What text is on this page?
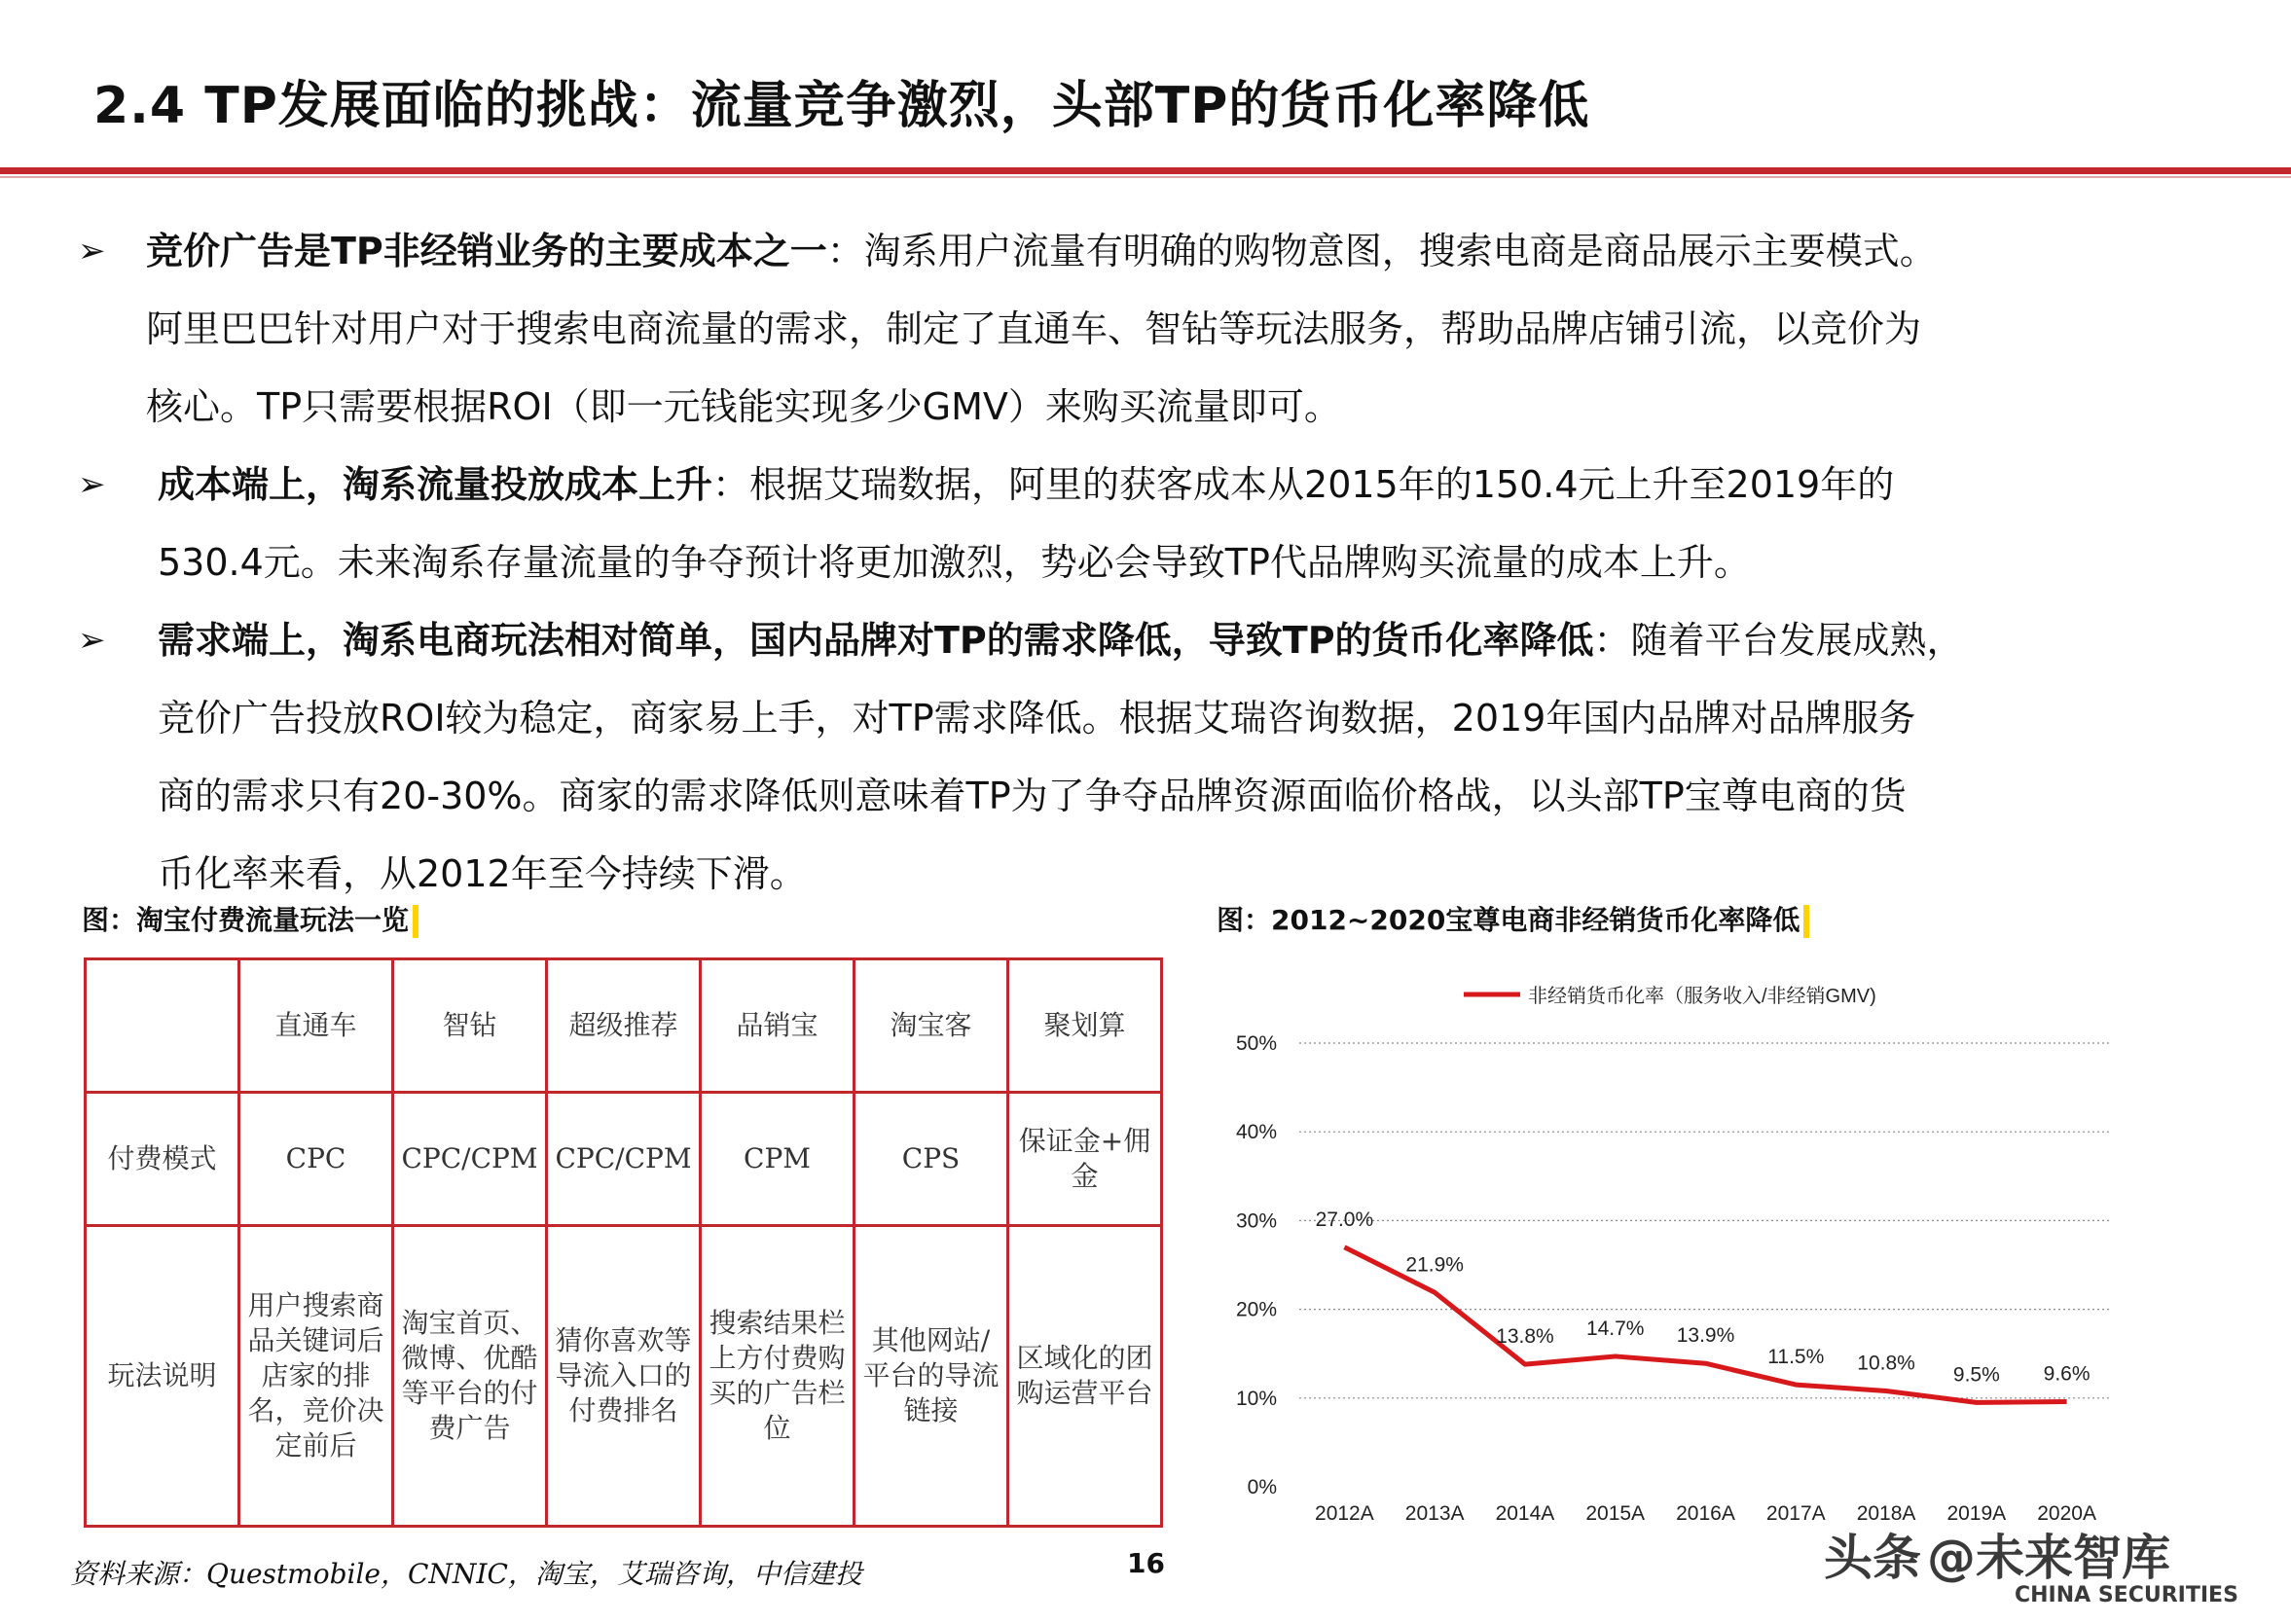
2.4 TP发展面临的挑战：流量竞争激烈，头部TP的货币化率降低
➢ 竞价广告是TP非经销业务的主要成本之一：淘系用户流量有明确的购物意图，搜索电商是商品展示主要模式。
阿里巴巴针对用户对于搜索电商流量的需求，制定了直通车、智钻等玩法服务，帮助品牌店铺引流，以竞价为
核心。TP只需要根据ROI（即一元钱能实现多少GMV）来购买流量即可。
➢	成本端上，淘系流量投放成本上升：根据艾瑞数据，阿里的获客成本从2015年的150.4元上升至2019年的
530.4元。未来淘系存量流量的争夺预计将更加激烈，势必会导致TP代品牌购买流量的成本上升。
➢	需求端上，淘系电商玩法相对简单，国内品牌对TP的需求降低，导致TP的货币化率降低：随着平台发展成熟，
竞价广告投放ROI较为稳定，商家易上手，对TP需求降低。根据艾瑞咨询数据，2019年国内品牌对品牌服务
商的需求只有20-30%。商家的需求降低则意味着TP为了争夺品牌资源面临价格战，以头部TP宝尊电商的货
币化率来看，从2012年至今持续下滑。
图：淘宝付费流量玩法一览	图：2012~2020宝尊电商非经销货币化率降低
	直通车	智钻	超级推荐	品销宝	淘宝客	聚划算
付费模式	CPC	CPC/CPM	CPC/CPM	CPM	CPS	保证金+佣金
玩法说明	用户搜索商品关键词后店家的排名，竞价决定前后	淘宝首页、微博、优酷等平台的付费广告	猜你喜欢等导流入口的付费排名	搜索结果栏上方付费购买的广告栏位	其他网站/平台的导流链接	区域化的团购运营平台
非经销货币化率（服务收入/非经销GMV)
0%
10%
20%
30%
40%
50%
2012A 2013A 2014A 2015A 2016A 2017A 2018A 2019A 2020A
27.0%
21.9%
13.8% 14.7% 13.9%
11.5% 10.8%
9.5% 9.6%
资料来源：Questmobile，CNNIC，淘宝，艾瑞咨询，中信建投	16	头条 @未来智库
CHINA SECURITIES
